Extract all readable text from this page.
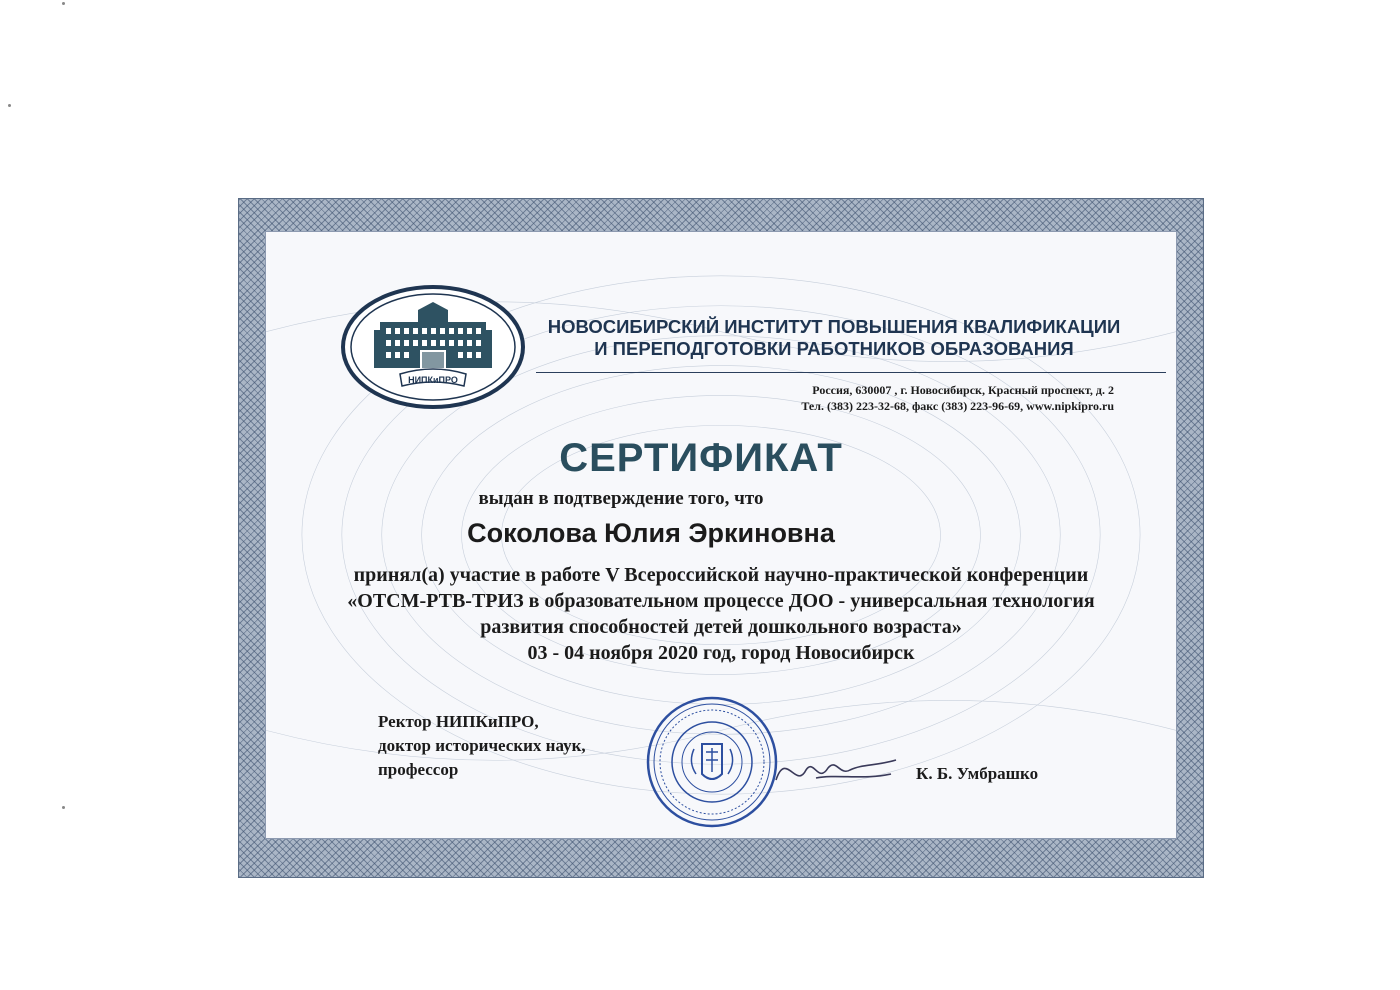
НИПКиПРО
НОВОСИБИРСКИЙ ИНСТИТУТ ПОВЫШЕНИЯ КВАЛИФИКАЦИИ
И ПЕРЕПОДГОТОВКИ РАБОТНИКОВ ОБРАЗОВАНИЯ
Россия, 630007 , г. Новосибирск, Красный проспект, д. 2
Тел. (383) 223-32-68, факс (383) 223-96-69, www.nipkipro.ru
СЕРТИФИКАТ
выдан в подтверждение того, что
Соколова Юлия Эркиновна
принял(а) участие в работе V Всероссийской научно-практической конференции
«ОТСМ-РТВ-ТРИЗ в образовательном процессе ДОО - универсальная технология
развития способностей детей дошкольного возраста»
03 - 04 ноября 2020 год, город Новосибирск
Ректор НИПКиПРО,
доктор исторических наук,
профессор	К. Б. Умбрашко
